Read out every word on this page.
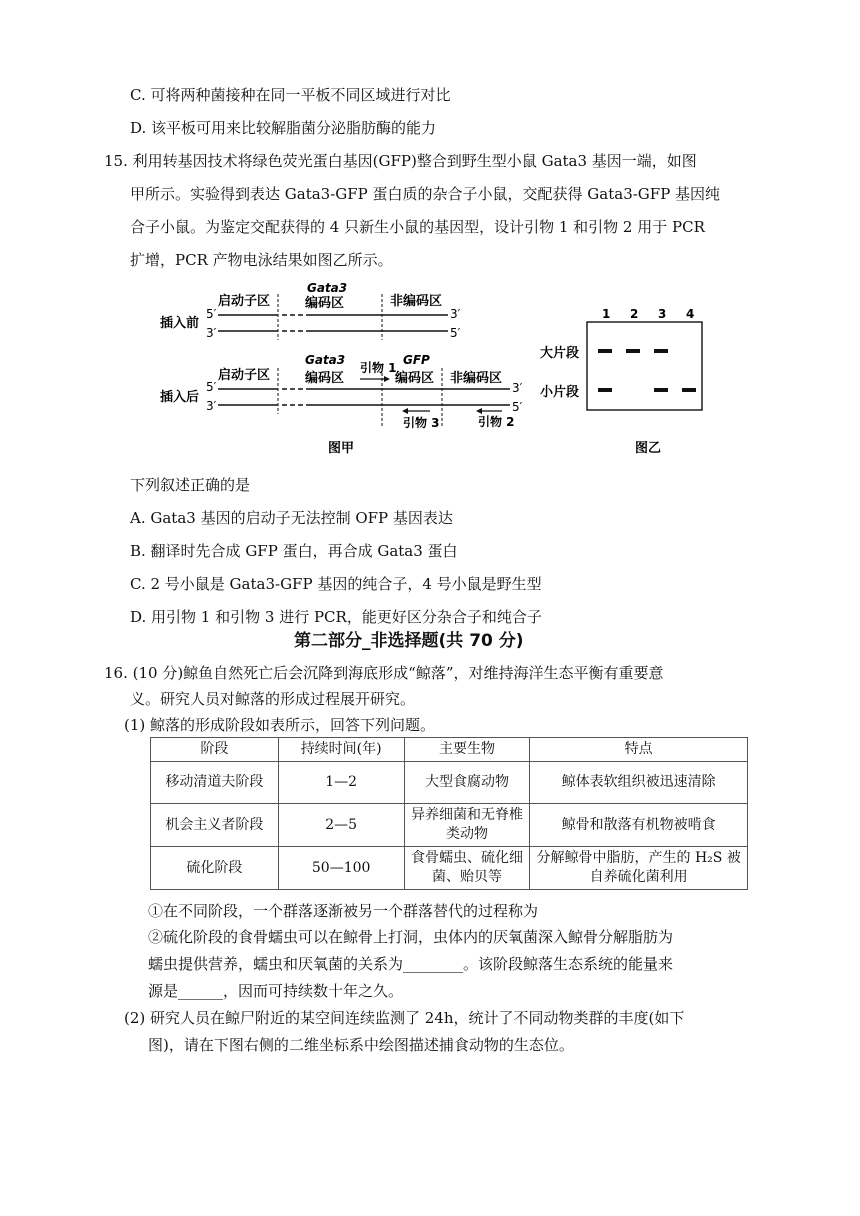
C. 可将两种菌接种在同一平板不同区域进行对比
D. 该平板可用来比较解脂菌分泌脂肪酶的能力
15. 利用转基因技术将绿色荧光蛋白基因(GFP)整合到野生型小鼠 Gata3 基因一端，如图
甲所示。实验得到表达 Gata3-GFP 蛋白质的杂合子小鼠，交配获得 Gata3-GFP 基因纯
合子小鼠。为鉴定交配获得的 4 只新生小鼠的基因型，设计引物 1 和引物 2 用于 PCR
扩增，PCR 产物电泳结果如图乙所示。
启动子区
Gata3
编码区	非编码区
插入前
5′
3′
3′
5′
Gata3	GFP
启动子区	编码区
引物 1
编码区 非编码区
插入后
5′
3′
3′
5′
引物 3	引物 2
图甲
1 2 3 4
大片段
小片段
图乙
下列叙述正确的是
A. Gata3 基因的启动子无法控制 OFP 基因表达
B. 翻译时先合成 GFP 蛋白，再合成 Gata3 蛋白
C. 2 号小鼠是 Gata3-GFP 基因的纯合子，4 号小鼠是野生型
D. 用引物 1 和引物 3 进行 PCR，能更好区分杂合子和纯合子
第二部分_非选择题(共 70 分)
16. (10 分)鲸鱼自然死亡后会沉降到海底形成“鲸落”，对维持海洋生态平衡有重要意
义。研究人员对鲸落的形成过程展开研究。
(1) 鲸落的形成阶段如表所示，回答下列问题。
阶段	持续时间(年)	主要生物	特点
移动清道夫阶段	1—2	大型食腐动物	鲸体表软组织被迅速清除
机会主义者阶段	2—5	异养细菌和无脊椎类动物	鲸骨和散落有机物被啃食
硫化阶段	50—100	食骨蠕虫、硫化细菌、贻贝等	分解鲸骨中脂肪，产生的 H₂S 被自养硫化菌利用
①在不同阶段，一个群落逐渐被另一个群落替代的过程称为
②硫化阶段的食骨蠕虫可以在鲸骨上打洞，虫体内的厌氧菌深入鲸骨分解脂肪为
蠕虫提供营养，蠕虫和厌氧菌的关系为________。该阶段鲸落生态系统的能量来
源是______，因而可持续数十年之久。
(2) 研究人员在鲸尸附近的某空间连续监测了 24h，统计了不同动物类群的丰度(如下
图)，请在下图右侧的二维坐标系中绘图描述捕食动物的生态位。
